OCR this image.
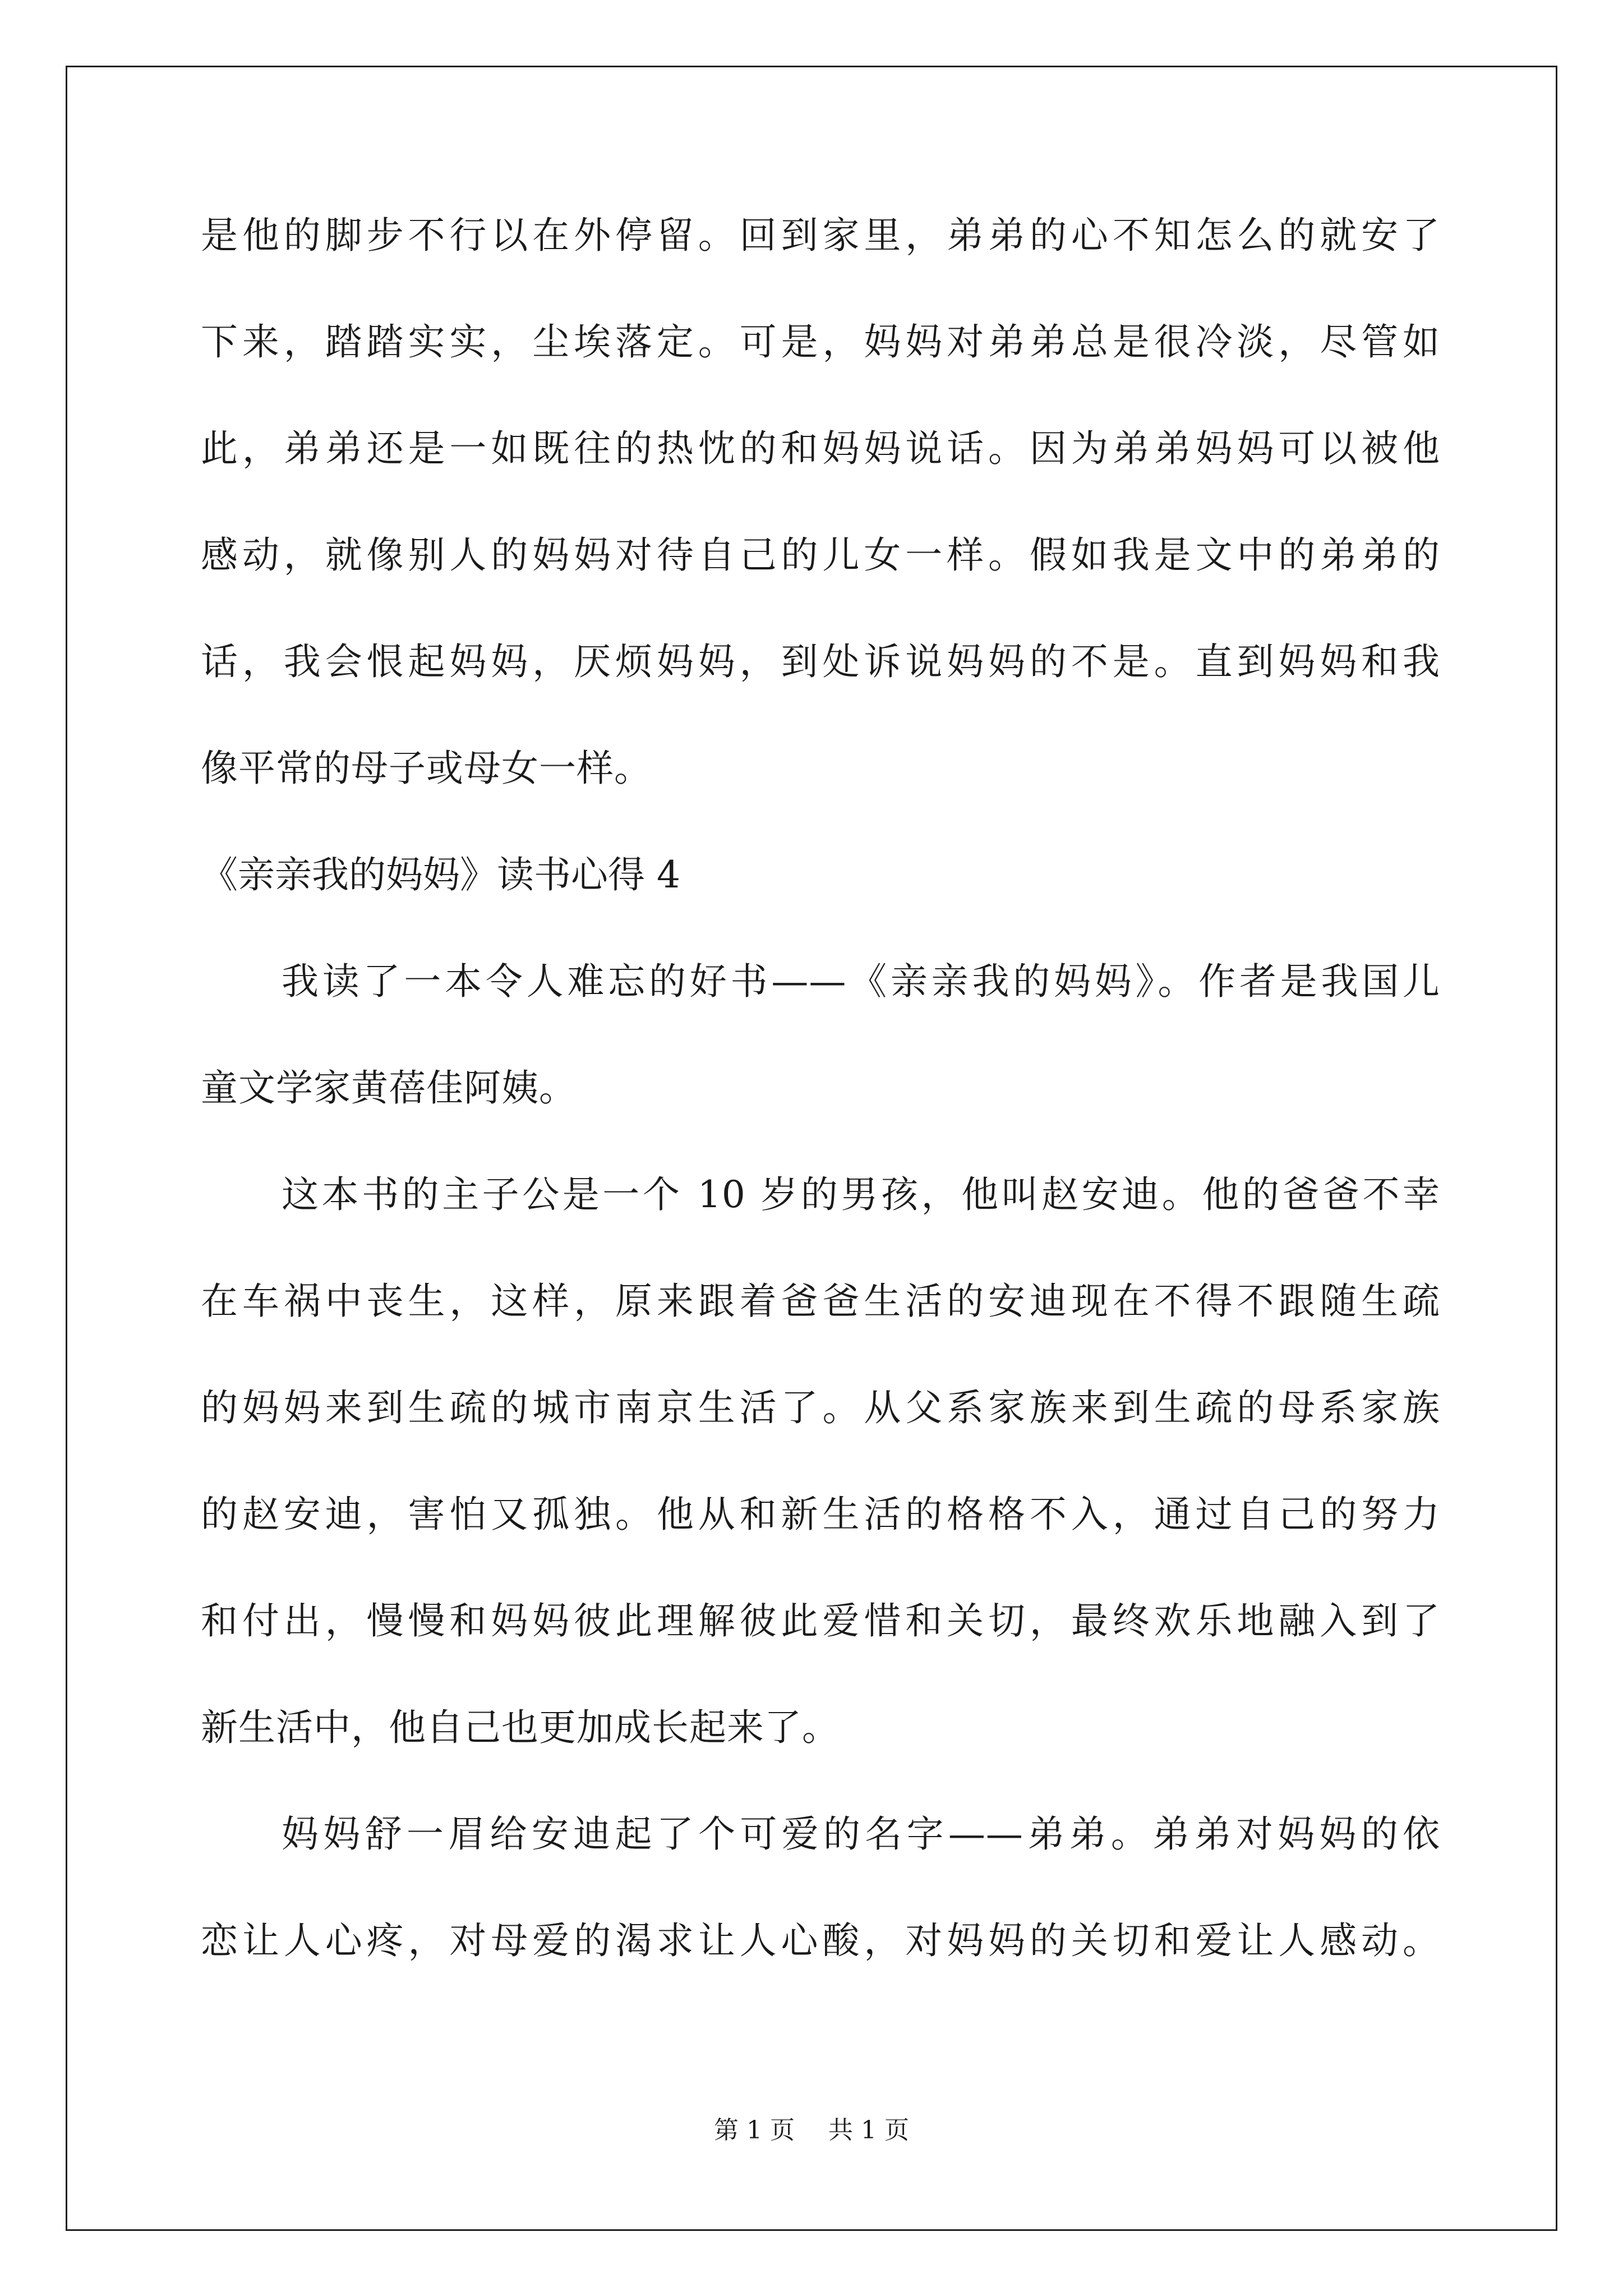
是他的脚步不行以在外停留。回到家里，弟弟的心不知怎么的就安了
下来，踏踏实实，尘埃落定。可是，妈妈对弟弟总是很冷淡，尽管如
此，弟弟还是一如既往的热忱的和妈妈说话。因为弟弟妈妈可以被他
感动，就像别人的妈妈对待自己的儿女一样。假如我是文中的弟弟的
话，我会恨起妈妈，厌烦妈妈，到处诉说妈妈的不是。直到妈妈和我
像平常的母子或母女一样。
《亲亲我的妈妈》读书心得 4
我读了一本令人难忘的好书——《亲亲我的妈妈》。作者是我国儿
童文学家黄蓓佳阿姨。
这本书的主子公是一个 10 岁的男孩，他叫赵安迪。他的爸爸不幸
在车祸中丧生，这样，原来跟着爸爸生活的安迪现在不得不跟随生疏
的妈妈来到生疏的城市南京生活了。从父系家族来到生疏的母系家族
的赵安迪，害怕又孤独。他从和新生活的格格不入，通过自己的努力
和付出，慢慢和妈妈彼此理解彼此爱惜和关切，最终欢乐地融入到了
新生活中，他自己也更加成长起来了。
妈妈舒一眉给安迪起了个可爱的名字——弟弟。弟弟对妈妈的依
恋让人心疼，对母爱的渴求让人心酸，对妈妈的关切和爱让人感动。
第 1 页 共 1 页
